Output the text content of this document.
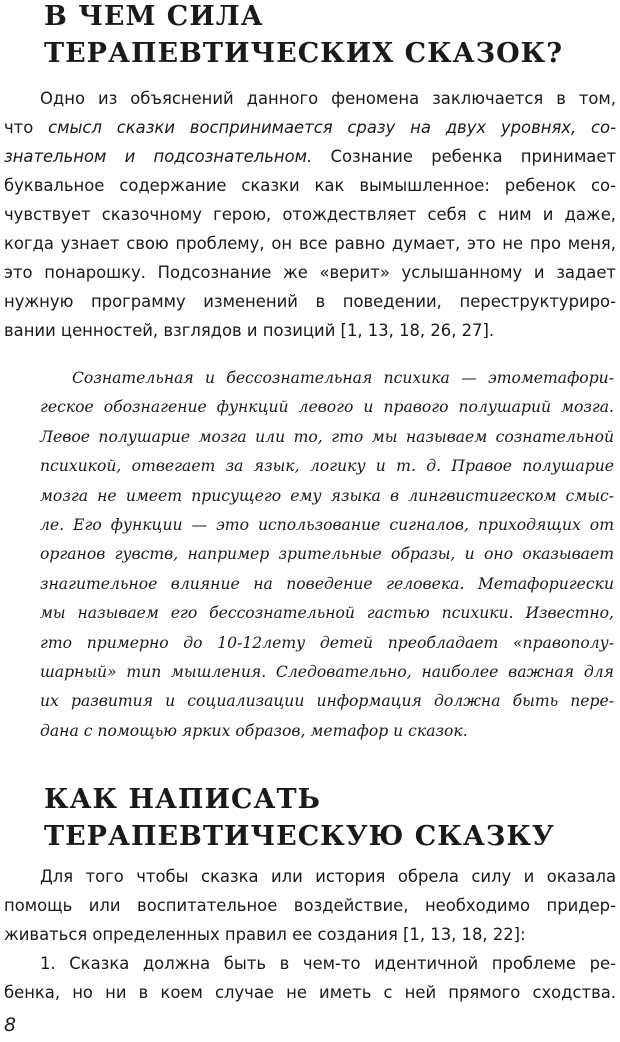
В ЧЕМ СИЛА
ТЕРАПЕВТИЧЕСКИХ СКАЗОК?
Одно из объяснений данного феномена заключается в том,
что смысл сказки воспринимается сразу на двух уровнях, со-
знательном и подсознательном. Сознание ребенка принимает
буквальное содержание сказки как вымышленное: ребенок со-
чувствует сказочному герою, отождествляет себя с ним и даже,
когда узнает свою проблему, он все равно думает, это не про меня,
это понарошку. Подсознание же «верит» услышанному и задает
нужную программу изменений в поведении, переструктуриро-
вании ценностей, взглядов и позиций [1, 13, 18, 26, 27].
Сознательная и бессознательная психика — этометафори-
геское обознагение функций левого и правого полушарий мозга.
Левое полушарие мозга или то, гто мы называем сознательной
психикой, отвегает за язык, логику и т. д. Правое полушарие
мозга не имеет присущего ему языка в лингвистигеском смыс-
ле. Его функции — это использование сигналов, приходящих от
органов гувств, например зрительные образы, и оно оказывает
знагительное влияние на поведение геловека. Метафоригески
мы называем его бессознательной гастью психики. Известно,
гто примерно до 10-12лету детей преобладает «правополу-
шарный» тип мышления. Следовательно, наиболее важная для
их развития и социализации информация должна быть пере-
дана с помощью ярких образов, метафор и сказок.
КАК НАПИСАТЬ
ТЕРАПЕВТИЧЕСКУЮ СКАЗКУ
Для того чтобы сказка или история обрела силу и оказала
помощь или воспитательное воздействие, необходимо придер-
живаться определенных правил ее создания [1, 13, 18, 22]:
1. Сказка должна быть в чем-то идентичной проблеме ре-
бенка, но ни в коем случае не иметь с ней прямого сходства.
8
